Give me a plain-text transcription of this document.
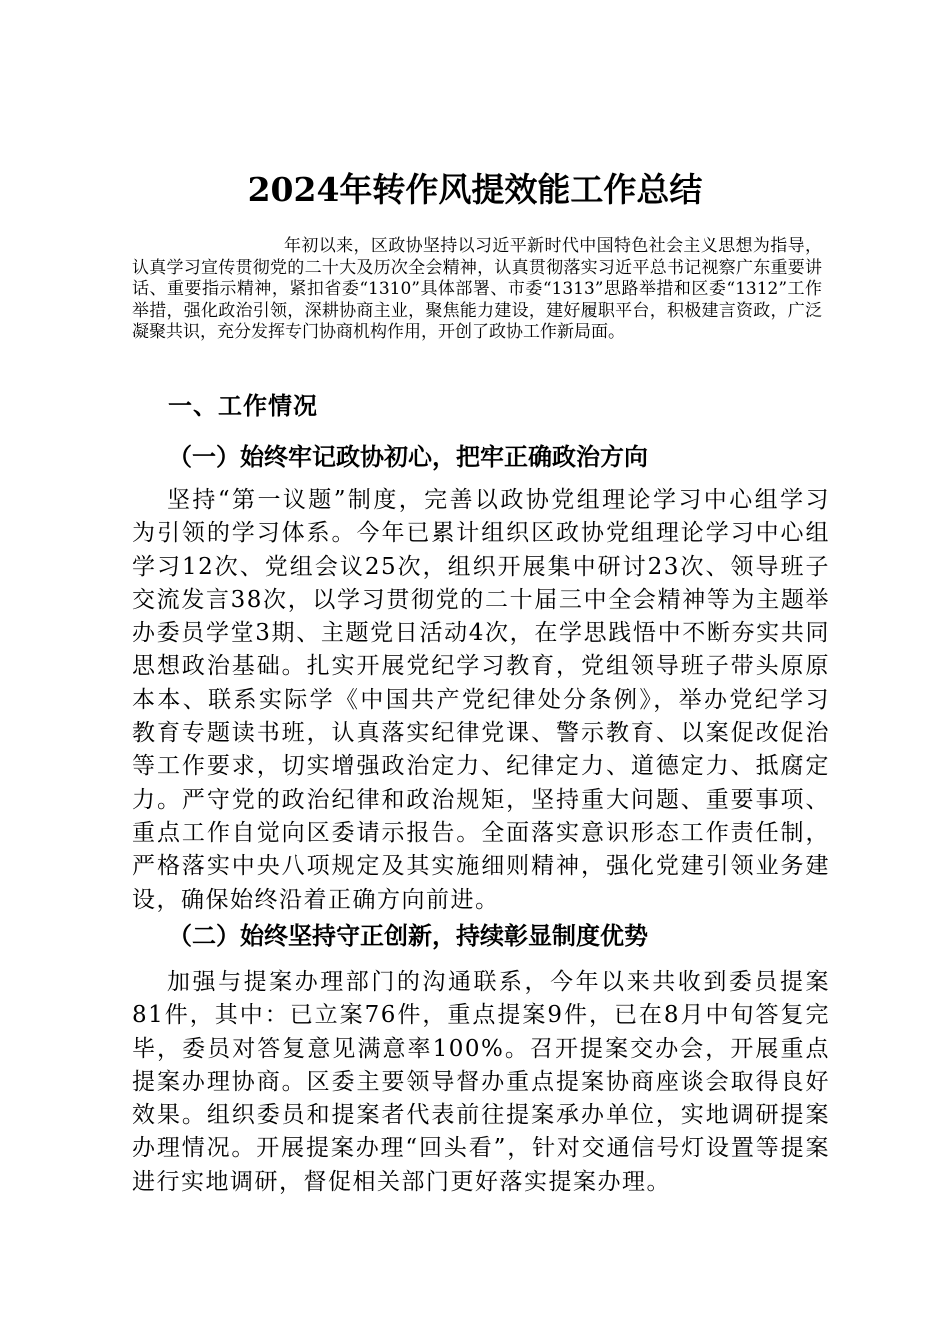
2024年转作风提效能工作总结

年初以来，区政协坚持以习近平新时代中国特色社会主义思想为指导，认真学习宣传贯彻党的二十大及历次全会精神，认真贯彻落实习近平总书记视察广东重要讲话、重要指示精神，紧扣省委“1310”具体部署、市委“1313”思路举措和区委“1312”工作举措，强化政治引领，深耕协商主业，聚焦能力建设，建好履职平台，积极建言资政，广泛凝聚共识，充分发挥专门协商机构作用，开创了政协工作新局面。

一、工作情况
（一）始终牢记政协初心，把牢正确政治方向

坚持“第一议题”制度，完善以政协党组理论学习中心组学习为引领的学习体系。今年已累计组织区政协党组理论学习中心组学习12次、党组会议25次，组织开展集中研讨23次、领导班子交流发言38次，以学习贯彻党的二十届三中全会精神等为主题举办委员学堂3期、主题党日活动4次，在学思践悟中不断夯实共同思想政治基础。扎实开展党纪学习教育，党组领导班子带头原原本本、联系实际学《中国共产党纪律处分条例》，举办党纪学习教育专题读书班，认真落实纪律党课、警示教育、以案促改促治等工作要求，切实增强政治定力、纪律定力、道德定力、抵腐定力。严守党的政治纪律和政治规矩，坚持重大问题、重要事项、重点工作自觉向区委请示报告。全面落实意识形态工作责任制，严格落实中央八项规定及其实施细则精神，强化党建引领业务建设，确保始终沿着正确方向前进。

（二）始终坚持守正创新，持续彰显制度优势

加强与提案办理部门的沟通联系，今年以来共收到委员提案81件，其中：已立案76件，重点提案9件，已在8月中旬答复完毕，委员对答复意见满意率100%。召开提案交办会，开展重点提案办理协商。区委主要领导督办重点提案协商座谈会取得良好效果。组织委员和提案者代表前往提案承办单位，实地调研提案办理情况。开展提案办理“回头看”，针对交通信号灯设置等提案进行实地调研，督促相关部门更好落实提案办理。
